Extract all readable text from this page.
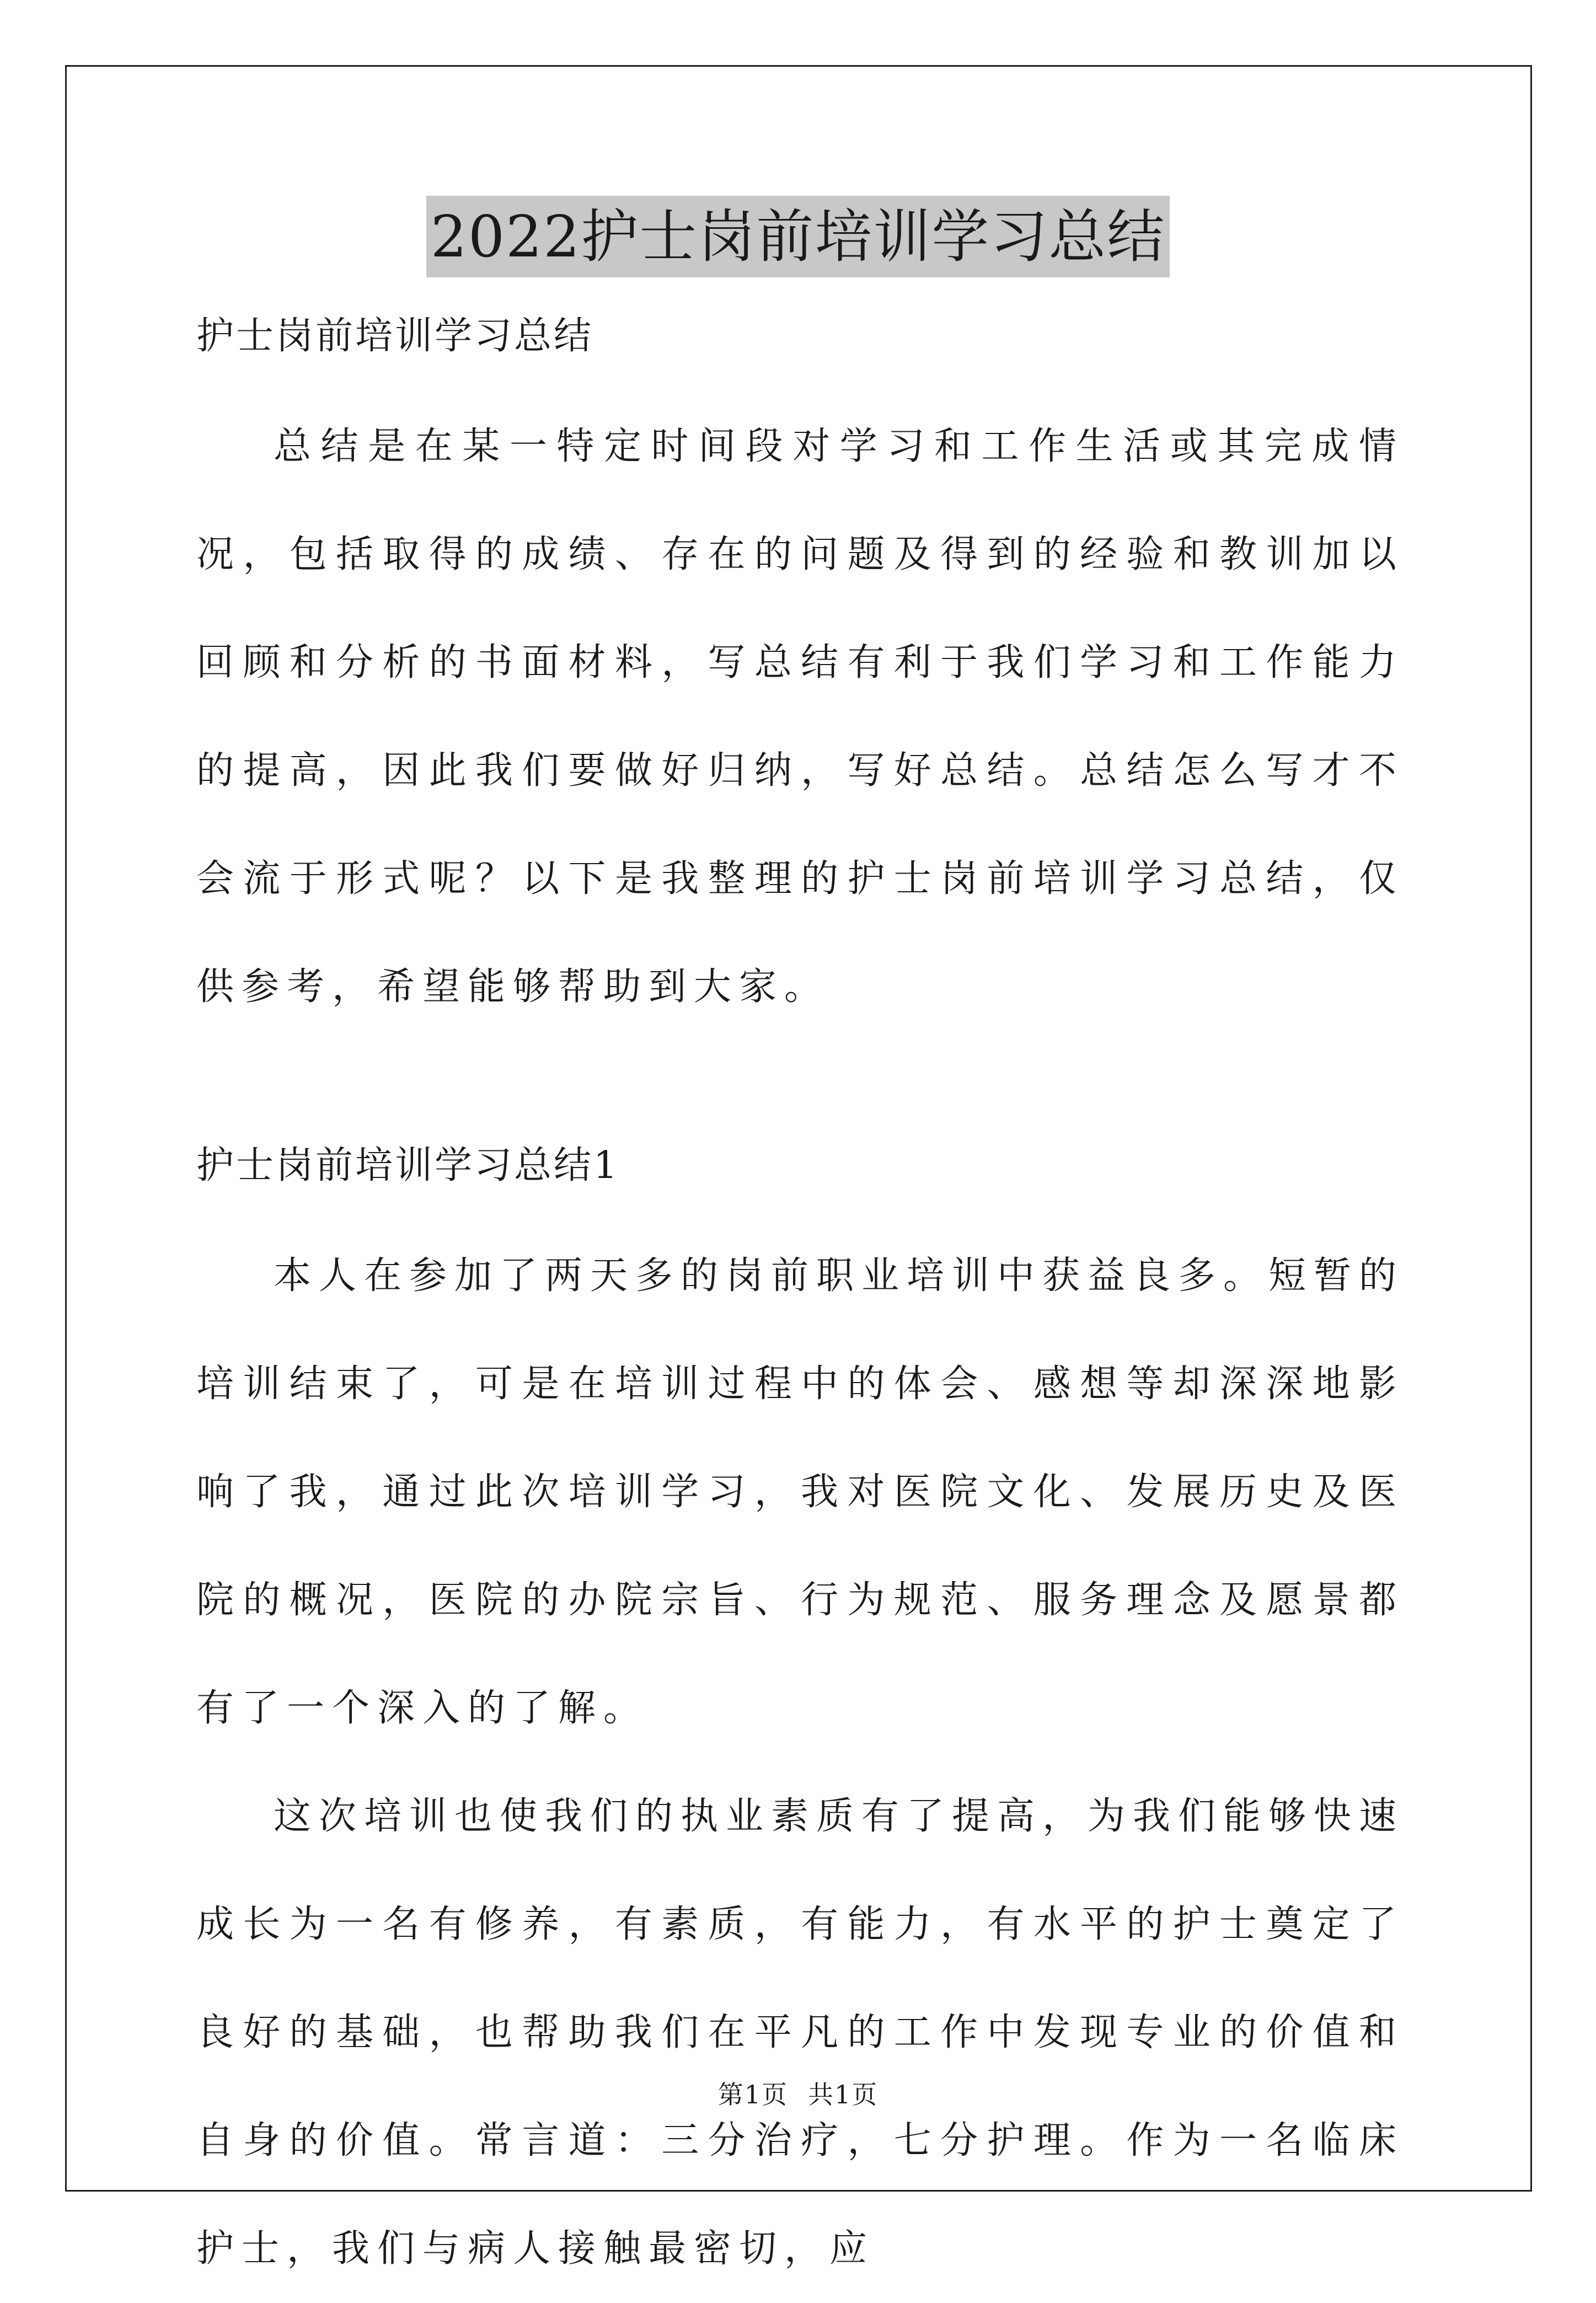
2022护士岗前培训学习总结
护士岗前培训学习总结

总结是在某一特定时间段对学习和工作生活或其完成情况，包括取得的成绩、存在的问题及得到的经验和教训加以回顾和分析的书面材料，写总结有利于我们学习和工作能力的提高，因此我们要做好归纳，写好总结。总结怎么写才不会流于形式呢？以下是我整理的护士岗前培训学习总结，仅供参考，希望能够帮助到大家。

护士岗前培训学习总结1

本人在参加了两天多的岗前职业培训中获益良多。短暂的培训结束了，可是在培训过程中的体会、感想等却深深地影响了我，通过此次培训学习，我对医院文化、发展历史及医院的概况，医院的办院宗旨、行为规范、服务理念及愿景都有了一个深入的了解。

这次培训也使我们的执业素质有了提高，为我们能够快速成长为一名有修养，有素质，有能力，有水平的护士奠定了良好的基础，也帮助我们在平凡的工作中发现专业的价值和自身的价值。常言道：三分治疗，七分护理。作为一名临床护士，我们与病人接触最密切，应

第1页 共1页
